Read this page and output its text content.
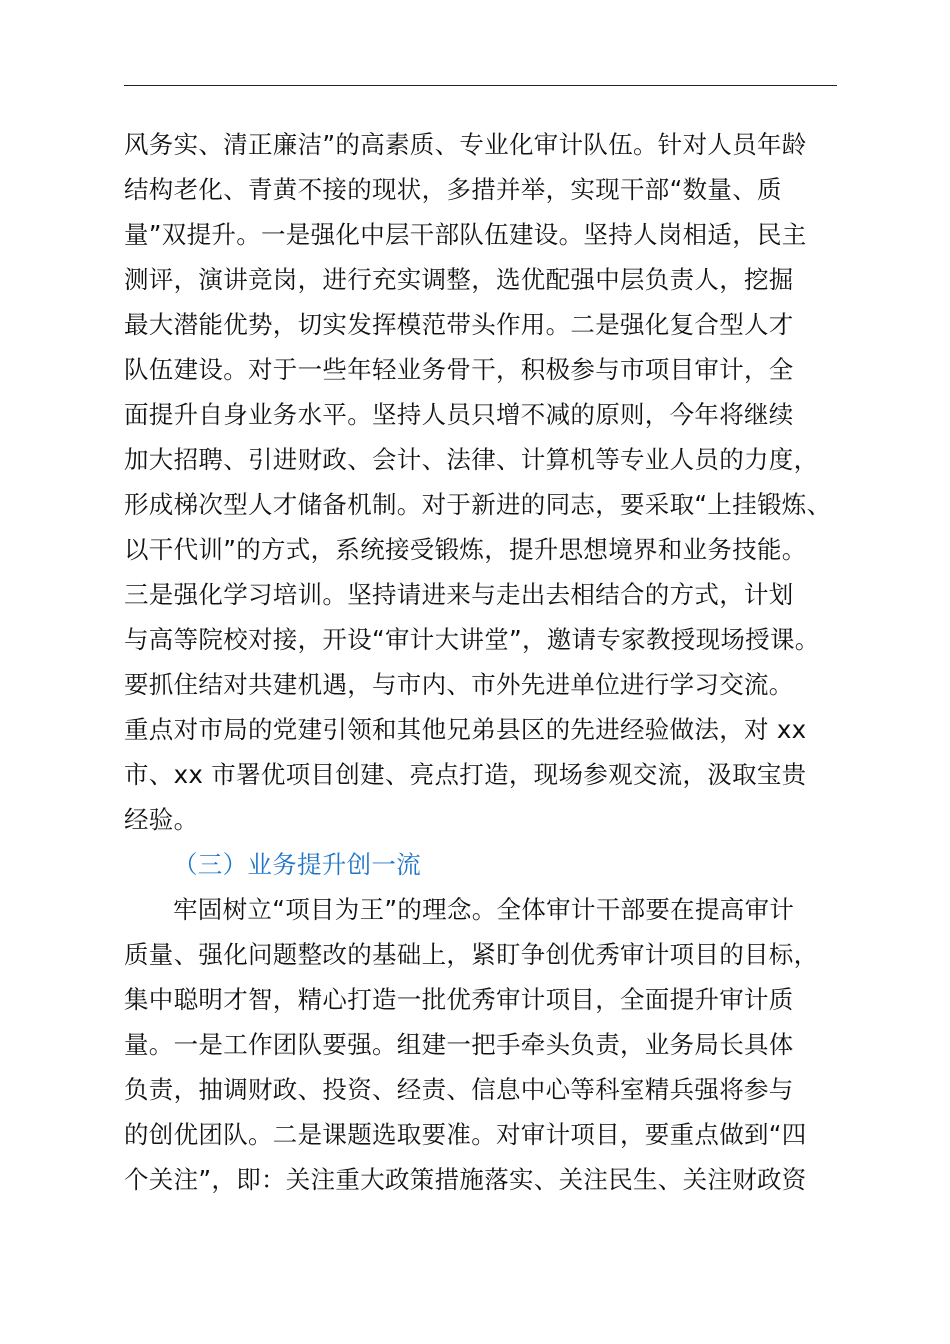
风务实、清正廉洁”的高素质、专业化审计队伍。针对人员年龄
结构老化、青黄不接的现状，多措并举，实现干部“数量、质
量”双提升。一是强化中层干部队伍建设。坚持人岗相适，民主
测评，演讲竞岗，进行充实调整，选优配强中层负责人，挖掘
最大潜能优势，切实发挥模范带头作用。二是强化复合型人才
队伍建设。对于一些年轻业务骨干，积极参与市项目审计，全
面提升自身业务水平。坚持人员只增不减的原则，今年将继续
加大招聘、引进财政、会计、法律、计算机等专业人员的力度，
形成梯次型人才储备机制。对于新进的同志，要采取“上挂锻炼、
以干代训”的方式，系统接受锻炼，提升思想境界和业务技能。
三是强化学习培训。坚持请进来与走出去相结合的方式，计划
与高等院校对接，开设“审计大讲堂”，邀请专家教授现场授课。
要抓住结对共建机遇，与市内、市外先进单位进行学习交流。
重点对市局的党建引领和其他兄弟县区的先进经验做法，对 xx
市、xx 市署优项目创建、亮点打造，现场参观交流，汲取宝贵
经验。
（三）业务提升创一流
牢固树立“项目为王”的理念。全体审计干部要在提高审计
质量、强化问题整改的基础上，紧盯争创优秀审计项目的目标，
集中聪明才智，精心打造一批优秀审计项目，全面提升审计质
量。一是工作团队要强。组建一把手牵头负责，业务局长具体
负责，抽调财政、投资、经责、信息中心等科室精兵强将参与
的创优团队。二是课题选取要准。对审计项目，要重点做到“四
个关注”，即：关注重大政策措施落实、关注民生、关注财政资
